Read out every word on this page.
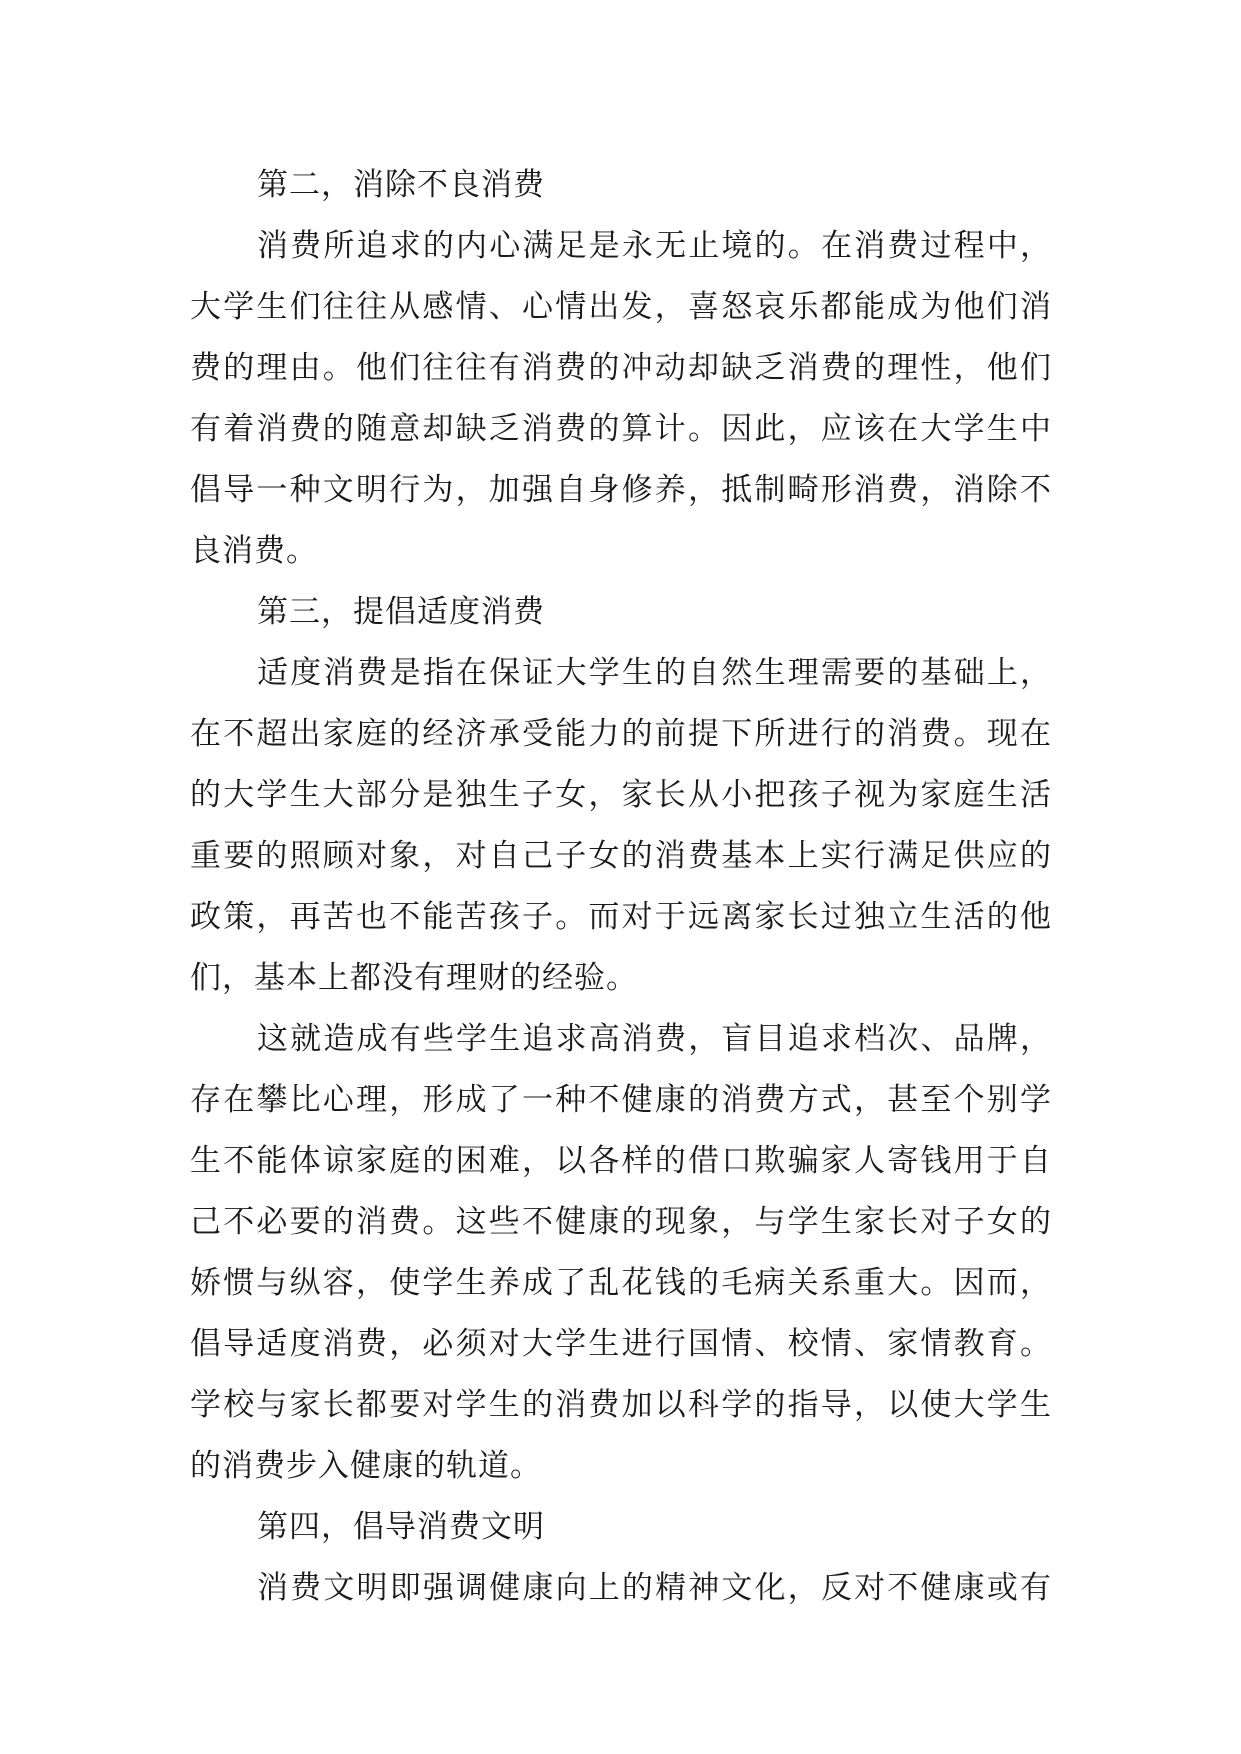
第二，消除不良消费
消费所追求的内心满足是永无止境的。在消费过程中，
大学生们往往从感情、心情出发，喜怒哀乐都能成为他们消
费的理由。他们往往有消费的冲动却缺乏消费的理性，他们
有着消费的随意却缺乏消费的算计。因此，应该在大学生中
倡导一种文明行为，加强自身修养，抵制畸形消费，消除不
良消费。
第三，提倡适度消费
适度消费是指在保证大学生的自然生理需要的基础上，
在不超出家庭的经济承受能力的前提下所进行的消费。现在
的大学生大部分是独生子女，家长从小把孩子视为家庭生活
重要的照顾对象，对自己子女的消费基本上实行满足供应的
政策，再苦也不能苦孩子。而对于远离家长过独立生活的他
们，基本上都没有理财的经验。
这就造成有些学生追求高消费，盲目追求档次、品牌，
存在攀比心理，形成了一种不健康的消费方式，甚至个别学
生不能体谅家庭的困难，以各样的借口欺骗家人寄钱用于自
己不必要的消费。这些不健康的现象，与学生家长对子女的
娇惯与纵容，使学生养成了乱花钱的毛病关系重大。因而，
倡导适度消费，必须对大学生进行国情、校情、家情教育。
学校与家长都要对学生的消费加以科学的指导，以使大学生
的消费步入健康的轨道。
第四，倡导消费文明
消费文明即强调健康向上的精神文化，反对不健康或有
